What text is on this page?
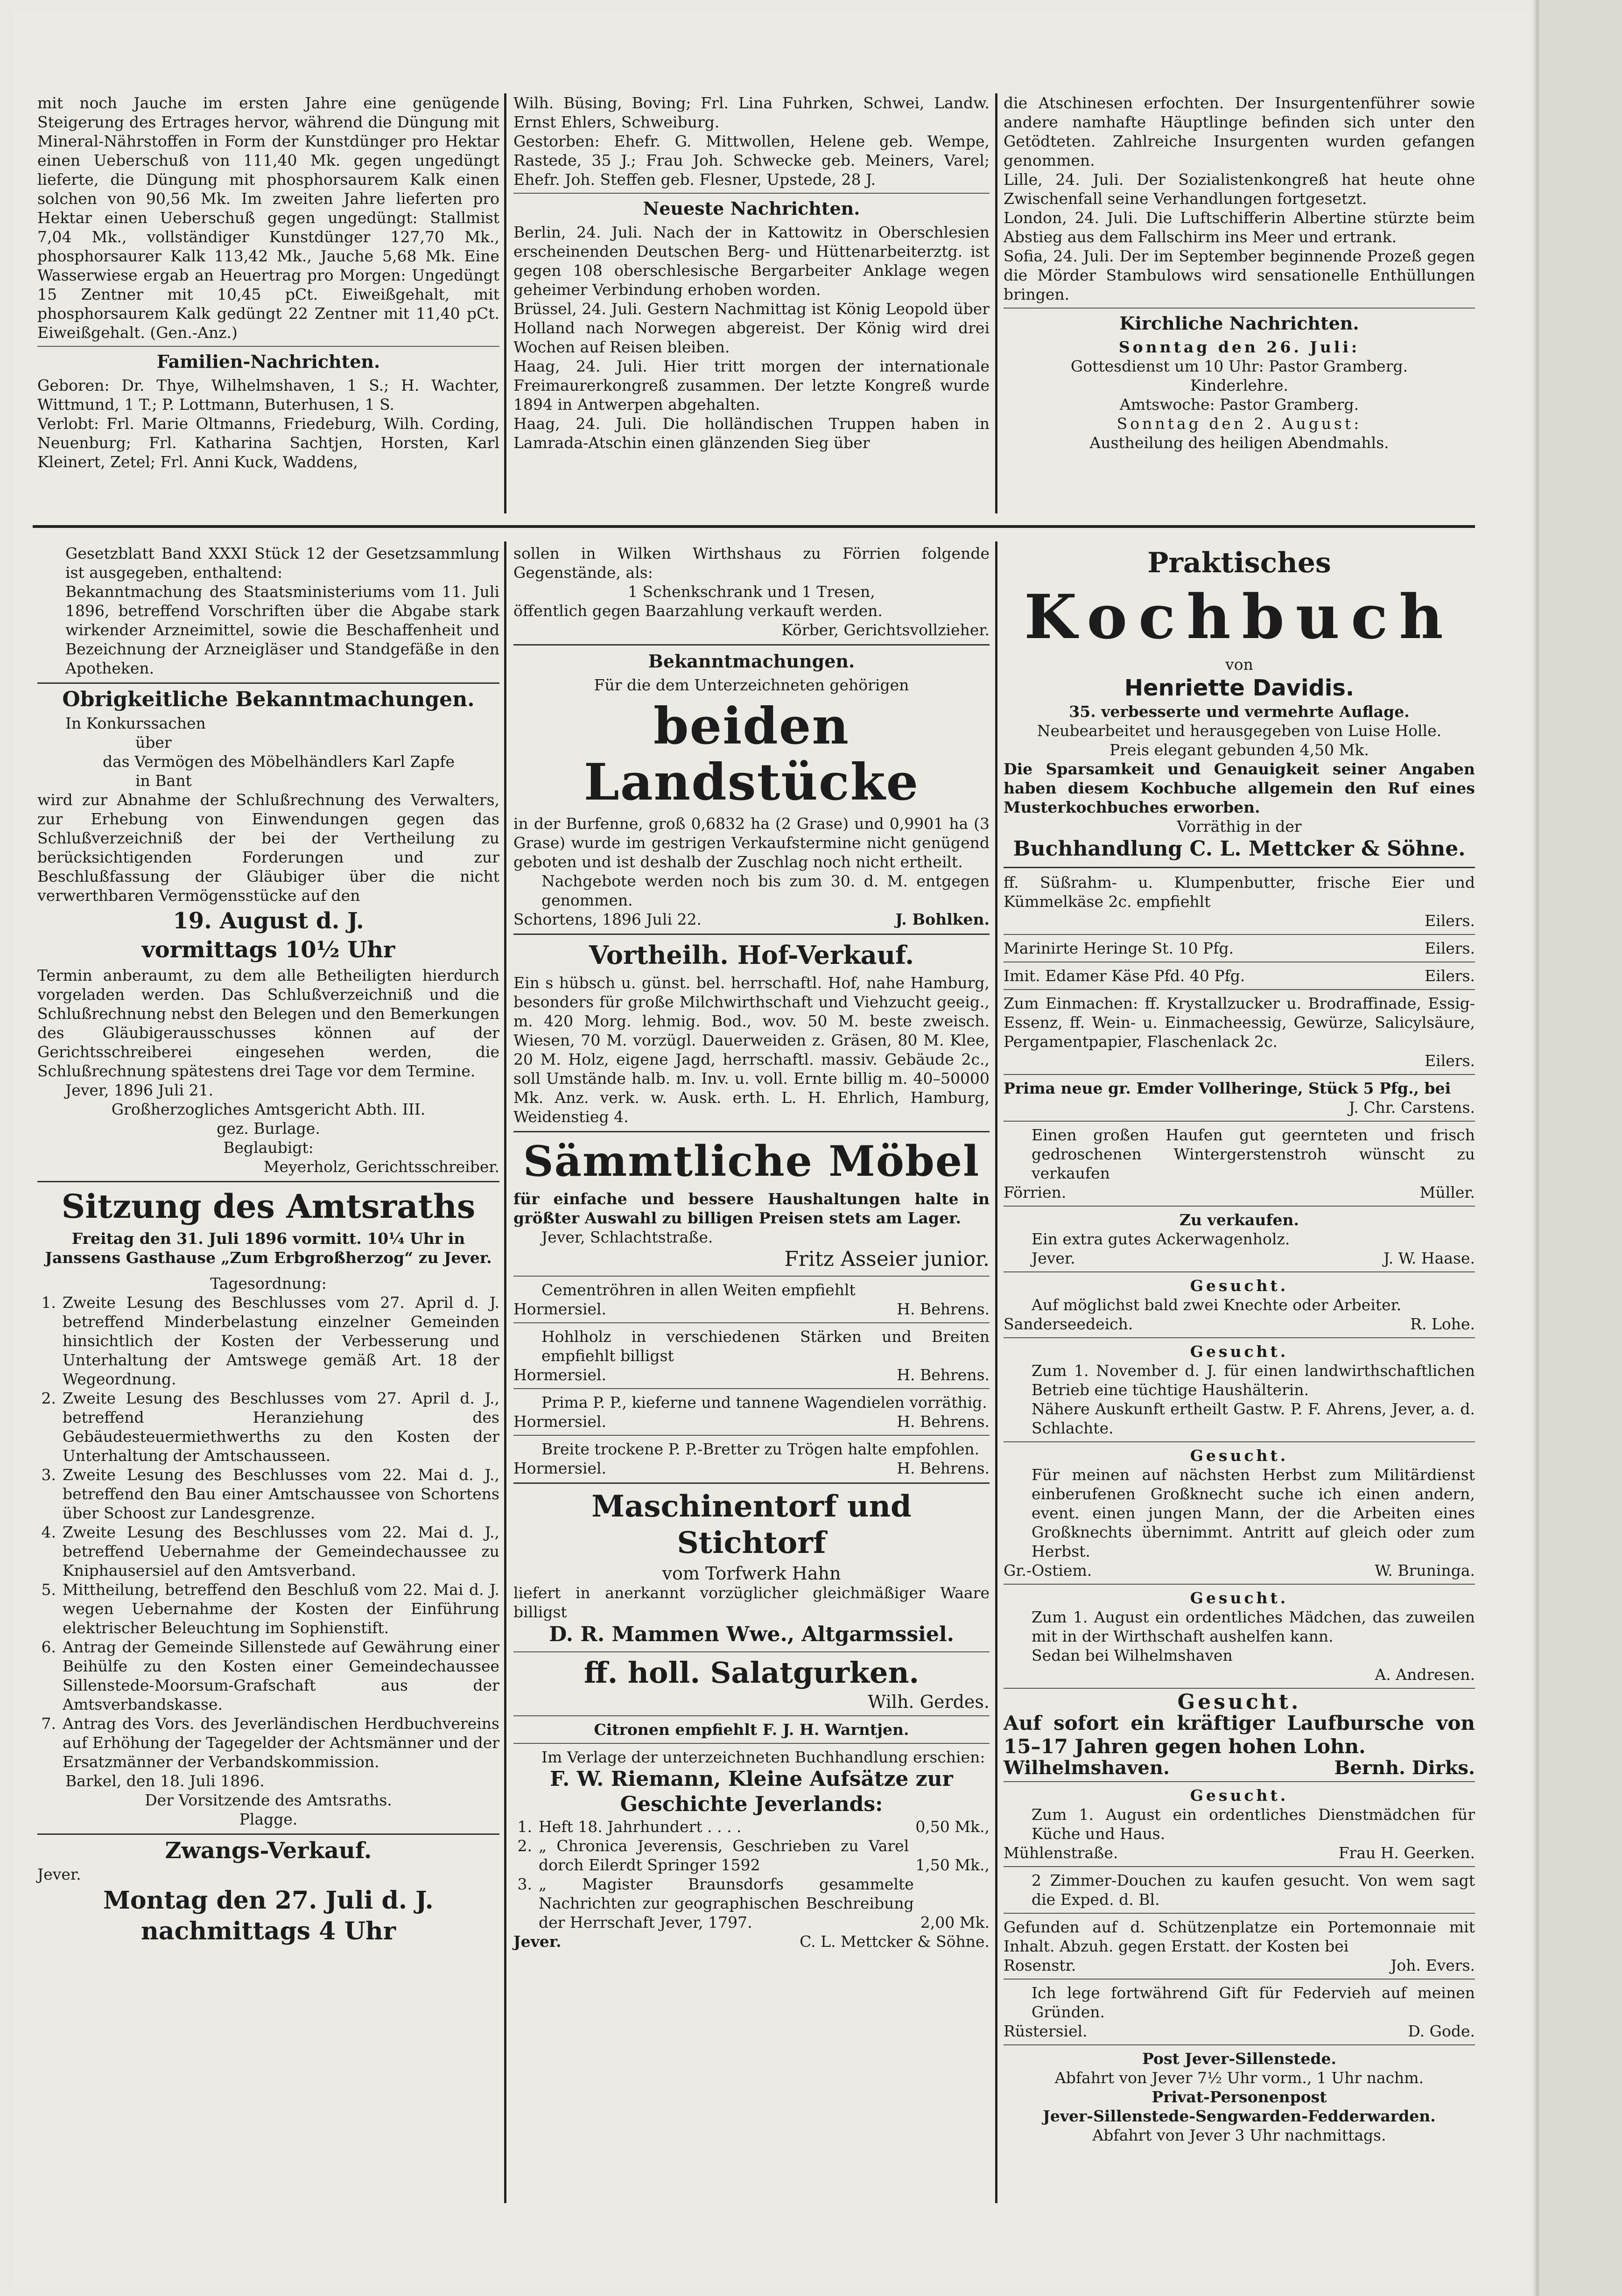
mit noch Jauche im ersten Jahre eine genügende Steigerung des Ertrages hervor, während die Düngung mit Mineral-Nährstoffen in Form der Kunstdünger pro Hektar einen Ueberschuß von 111,40 Mk. gegen ungedüngt lieferte, die Düngung mit phosphorsaurem Kalk einen solchen von 90,56 Mk. Im zweiten Jahre lieferten pro Hektar einen Ueberschuß gegen ungedüngt: Stallmist 7,04 Mk., vollständiger Kunstdünger 127,70 Mk., phosphorsaurer Kalk 113,42 Mk., Jauche 5,68 Mk. Eine Wasserwiese ergab an Heuertrag pro Morgen: Ungedüngt 15 Zentner mit 10,45 pCt. Eiweißgehalt, mit phosphorsaurem Kalk gedüngt 22 Zentner mit 11,40 pCt. Eiweißgehalt. (Gen.-Anz.)

Familien-Nachrichten.

Geboren: Dr. Thye, Wilhelmshaven, 1 S.; H. Wachter, Wittmund, 1 T.; P. Lottmann, Buterhusen, 1 S.

Verlobt: Frl. Marie Oltmanns, Friedeburg, Wilh. Cording, Neuenburg; Frl. Katharina Sachtjen, Horsten, Karl Kleinert, Zetel; Frl. Anni Kuck, Waddens,

Wilh. Büsing, Boving; Frl. Lina Fuhrken, Schwei, Landw. Ernst Ehlers, Schweiburg.

Gestorben: Ehefr. G. Mittwollen, Helene geb. Wempe, Rastede, 35 J.; Frau Joh. Schwecke geb. Meiners, Varel; Ehefr. Joh. Steffen geb. Flesner, Upstede, 28 J.

Neueste Nachrichten.

Berlin, 24. Juli. Nach der in Kattowitz in Oberschlesien erscheinenden Deutschen Berg- und Hüttenarbeiterztg. ist gegen 108 oberschlesische Bergarbeiter Anklage wegen geheimer Verbindung erhoben worden.

Brüssel, 24. Juli. Gestern Nachmittag ist König Leopold über Holland nach Norwegen abgereist. Der König wird drei Wochen auf Reisen bleiben.

Haag, 24. Juli. Hier tritt morgen der internationale Freimaurerkongreß zusammen. Der letzte Kongreß wurde 1894 in Antwerpen abgehalten.

Haag, 24. Juli. Die holländischen Truppen haben in Lamrada-Atschin einen glänzenden Sieg über

die Atschinesen erfochten. Der Insurgentenführer sowie andere namhafte Häuptlinge befinden sich unter den Getödteten. Zahlreiche Insurgenten wurden gefangen genommen.

Lille, 24. Juli. Der Sozialistenkongreß hat heute ohne Zwischenfall seine Verhandlungen fortgesetzt.

London, 24. Juli. Die Luftschifferin Albertine stürzte beim Abstieg aus dem Fallschirm ins Meer und ertrank.

Sofia, 24. Juli. Der im September beginnende Prozeß gegen die Mörder Stambulows wird sensationelle Enthüllungen bringen.

Kirchliche Nachrichten.
Sonntag den 26. Juli:
Gottesdienst um 10 Uhr: Pastor Gramberg.
Kinderlehre.
Amtswoche: Pastor Gramberg.
Sonntag den 2. August:
Austheilung des heiligen Abendmahls.

Gesetzblatt Band XXXI Stück 12 der Gesetzsammlung ist ausgegeben, enthaltend:

Bekanntmachung des Staatsministeriums vom 11. Juli 1896, betreffend Vorschriften über die Abgabe stark wirkender Arzneimittel, sowie die Beschaffenheit und Bezeichnung der Arzneigläser und Standgefäße in den Apotheken.

Obrigkeitliche Bekanntmachungen.
In Konkurssachen
über
das Vermögen des Möbelhändlers Karl Zapfe
in Bant

wird zur Abnahme der Schlußrechnung des Verwalters, zur Erhebung von Einwendungen gegen das Schlußverzeichniß der bei der Vertheilung zu berücksichtigenden Forderungen und zur Beschlußfassung der Gläubiger über die nicht verwerthbaren Vermögensstücke auf den

19. August d. J.
vormittags 10½ Uhr

Termin anberaumt, zu dem alle Betheiligten hierdurch vorgeladen werden. Das Schlußverzeichniß und die Schlußrechnung nebst den Belegen und den Bemerkungen des Gläubigerausschusses können auf der Gerichtsschreiberei eingesehen werden, die Schlußrechnung spätestens drei Tage vor dem Termine.

Jever, 1896 Juli 21.
Großherzogliches Amtsgericht Abth. III.
gez. Burlage.
Beglaubigt:
Meyerholz, Gerichtsschreiber.
Sitzung des Amtsraths
Freitag den 31. Juli 1896 vormitt. 10¼ Uhr in Janssens Gasthause „Zum Erbgroßherzog“ zu Jever.
Tagesordnung:
1. Zweite Lesung des Beschlusses vom 27. April d. J. betreffend Minderbelastung einzelner Gemeinden hinsichtlich der Kosten der Verbesserung und Unterhaltung der Amtswege gemäß Art. 18 der Wegeordnung.
2. Zweite Lesung des Beschlusses vom 27. April d. J., betreffend Heranziehung des Gebäudesteuermiethwerths zu den Kosten der Unterhaltung der Amtschausseen.
3. Zweite Lesung des Beschlusses vom 22. Mai d. J., betreffend den Bau einer Amtschaussee von Schortens über Schoost zur Landesgrenze.
4. Zweite Lesung des Beschlusses vom 22. Mai d. J., betreffend Uebernahme der Gemeindechaussee zu Kniphausersiel auf den Amtsverband.
5. Mittheilung, betreffend den Beschluß vom 22. Mai d. J. wegen Uebernahme der Kosten der Einführung elektrischer Beleuchtung im Sophienstift.
6. Antrag der Gemeinde Sillenstede auf Gewährung einer Beihülfe zu den Kosten einer Gemeindechaussee Sillenstede-Moorsum-Grafschaft aus der Amtsverbandskasse.
7. Antrag des Vors. des Jeverländischen Herdbuchvereins auf Erhöhung der Tagegelder der Achtsmänner und der Ersatzmänner der Verbandskommission.
Barkel, den 18. Juli 1896.
Der Vorsitzende des Amtsraths.
Plagge.
Zwangs-Verkauf.
Jever.
Montag den 27. Juli d. J.
nachmittags 4 Uhr

sollen in Wilken Wirthshaus zu Förrien folgende Gegenstände, als:

1 Schenkschrank und 1 Tresen,
öffentlich gegen Baarzahlung verkauft werden.
Körber, Gerichtsvollzieher.
Bekanntmachungen.
Für die dem Unterzeichneten gehörigen
beiden Landstücke

in der Burfenne, groß 0,6832 ha (2 Grase) und 0,9901 ha (3 Grase) wurde im gestrigen Verkaufstermine nicht genügend geboten und ist deshalb der Zuschlag noch nicht ertheilt.

Nachgebote werden noch bis zum 30. d. M. entgegen genommen.

Schortens, 1896 Juli 22.	J. Bohlken.
Vortheilh. Hof-Verkauf.

Ein s hübsch u. günst. bel. herrschaftl. Hof, nahe Hamburg, besonders für große Milchwirthschaft und Viehzucht geeig., m. 420 Morg. lehmig. Bod., wov. 50 M. beste zweisch. Wiesen, 70 M. vorzügl. Dauerweiden z. Gräsen, 80 M. Klee, 20 M. Holz, eigene Jagd, herrschaftl. massiv. Gebäude 2c., soll Umstände halb. m. Inv. u. voll. Ernte billig m. 40–50000 Mk. Anz. verk. w. Ausk. erth. L. H. Ehrlich, Hamburg, Weidenstieg 4.

Sämmtliche Möbel

für einfache und bessere Haushaltungen halte in größter Auswahl zu billigen Preisen stets am Lager.

Jever, Schlachtstraße.
Fritz Asseier junior.
Cementröhren in allen Weiten empfiehlt
Hormersiel.	H. Behrens.

Hohlholz in verschiedenen Stärken und Breiten empfiehlt billigst

Hormersiel.	H. Behrens.

Prima P. P., kieferne und tannene Wagendielen vorräthig.

Hormersiel.	H. Behrens.

Breite trockene P. P.-Bretter zu Trögen halte empfohlen.

Hormersiel.	H. Behrens.
Maschinentorf und Stichtorf
vom Torfwerk Hahn

liefert in anerkannt vorzüglicher gleichmäßiger Waare billigst

D. R. Mammen Wwe., Altgarmssiel.
ff. holl. Salatgurken.
Wilh. Gerdes.
Citronen empfiehlt F. J. H. Warntjen.

Im Verlage der unterzeichneten Buchhandlung erschien:

F. W. Riemann, Kleine Aufsätze zur Geschichte Jeverlands:
1. Heft 18. Jahrhundert . . . .	0,50 Mk.,
2. „ Chronica Jeverensis, Geschrieben zu Varel dorch Eilerdt Springer 1592	1,50 Mk.,
3. „ Magister Braunsdorfs gesammelte Nachrichten zur geographischen Beschreibung der Herrschaft Jever, 1797.	2,00 Mk.
Jever.	C. L. Mettcker & Söhne.
Praktisches
Kochbuch
von
Henriette Davidis.
35. verbesserte und vermehrte Auflage.
Neubearbeitet und herausgegeben von Luise Holle.
Preis elegant gebunden 4,50 Mk.

Die Sparsamkeit und Genauigkeit seiner Angaben haben diesem Kochbuche allgemein den Ruf eines Musterkochbuches erworben.

Vorräthig in der
Buchhandlung C. L. Mettcker & Söhne.

ff. Süßrahm- u. Klumpenbutter, frische Eier und Kümmelkäse 2c. empfiehlt

Eilers.
Marinirte Heringe St. 10 Pfg.	Eilers.
Imit. Edamer Käse Pfd. 40 Pfg.	Eilers.

Zum Einmachen: ff. Krystallzucker u. Brodraffinade, Essig-Essenz, ff. Wein- u. Einmacheessig, Gewürze, Salicylsäure, Pergamentpapier, Flaschenlack 2c.

Eilers.

Prima neue gr. Emder Vollheringe, Stück 5 Pfg., bei

J. Chr. Carstens.

Einen großen Haufen gut geernteten und frisch gedroschenen Wintergerstenstroh wünscht zu verkaufen

Förrien.	Müller.
Zu verkaufen.
Ein extra gutes Ackerwagenholz.
Jever.	J. W. Haase.
Gesucht.
Auf möglichst bald zwei Knechte oder Arbeiter.
Sanderseedeich.	R. Lohe.
Gesucht.

Zum 1. November d. J. für einen landwirthschaftlichen Betrieb eine tüchtige Haushälterin.

Nähere Auskunft ertheilt Gastw. P. F. Ahrens, Jever, a. d. Schlachte.

Gesucht.

Für meinen auf nächsten Herbst zum Militärdienst einberufenen Großknecht suche ich einen andern, event. einen jungen Mann, der die Arbeiten eines Großknechts übernimmt. Antritt auf gleich oder zum Herbst.

Gr.-Ostiem.	W. Bruninga.
Gesucht.

Zum 1. August ein ordentliches Mädchen, das zuweilen mit in der Wirthschaft aushelfen kann.

Sedan bei Wilhelmshaven
A. Andresen.
Gesucht.

Auf sofort ein kräftiger Laufbursche von 15–17 Jahren gegen hohen Lohn.

Wilhelmshaven.	Bernh. Dirks.
Gesucht.

Zum 1. August ein ordentliches Dienstmädchen für Küche und Haus.

Mühlenstraße.	Frau H. Geerken.

2 Zimmer-Douchen zu kaufen gesucht. Von wem sagt die Exped. d. Bl.

Gefunden auf d. Schützenplatze ein Portemonnaie mit Inhalt. Abzuh. gegen Erstatt. der Kosten bei

Rosenstr.	Joh. Evers.

Ich lege fortwährend Gift für Federvieh auf meinen Gründen.

Rüstersiel.	D. Gode.
Post Jever-Sillenstede.
Abfahrt von Jever 7½ Uhr vorm., 1 Uhr nachm.
Privat-Personenpost
Jever-Sillenstede-Sengwarden-Fedderwarden.
Abfahrt von Jever 3 Uhr nachmittags.
